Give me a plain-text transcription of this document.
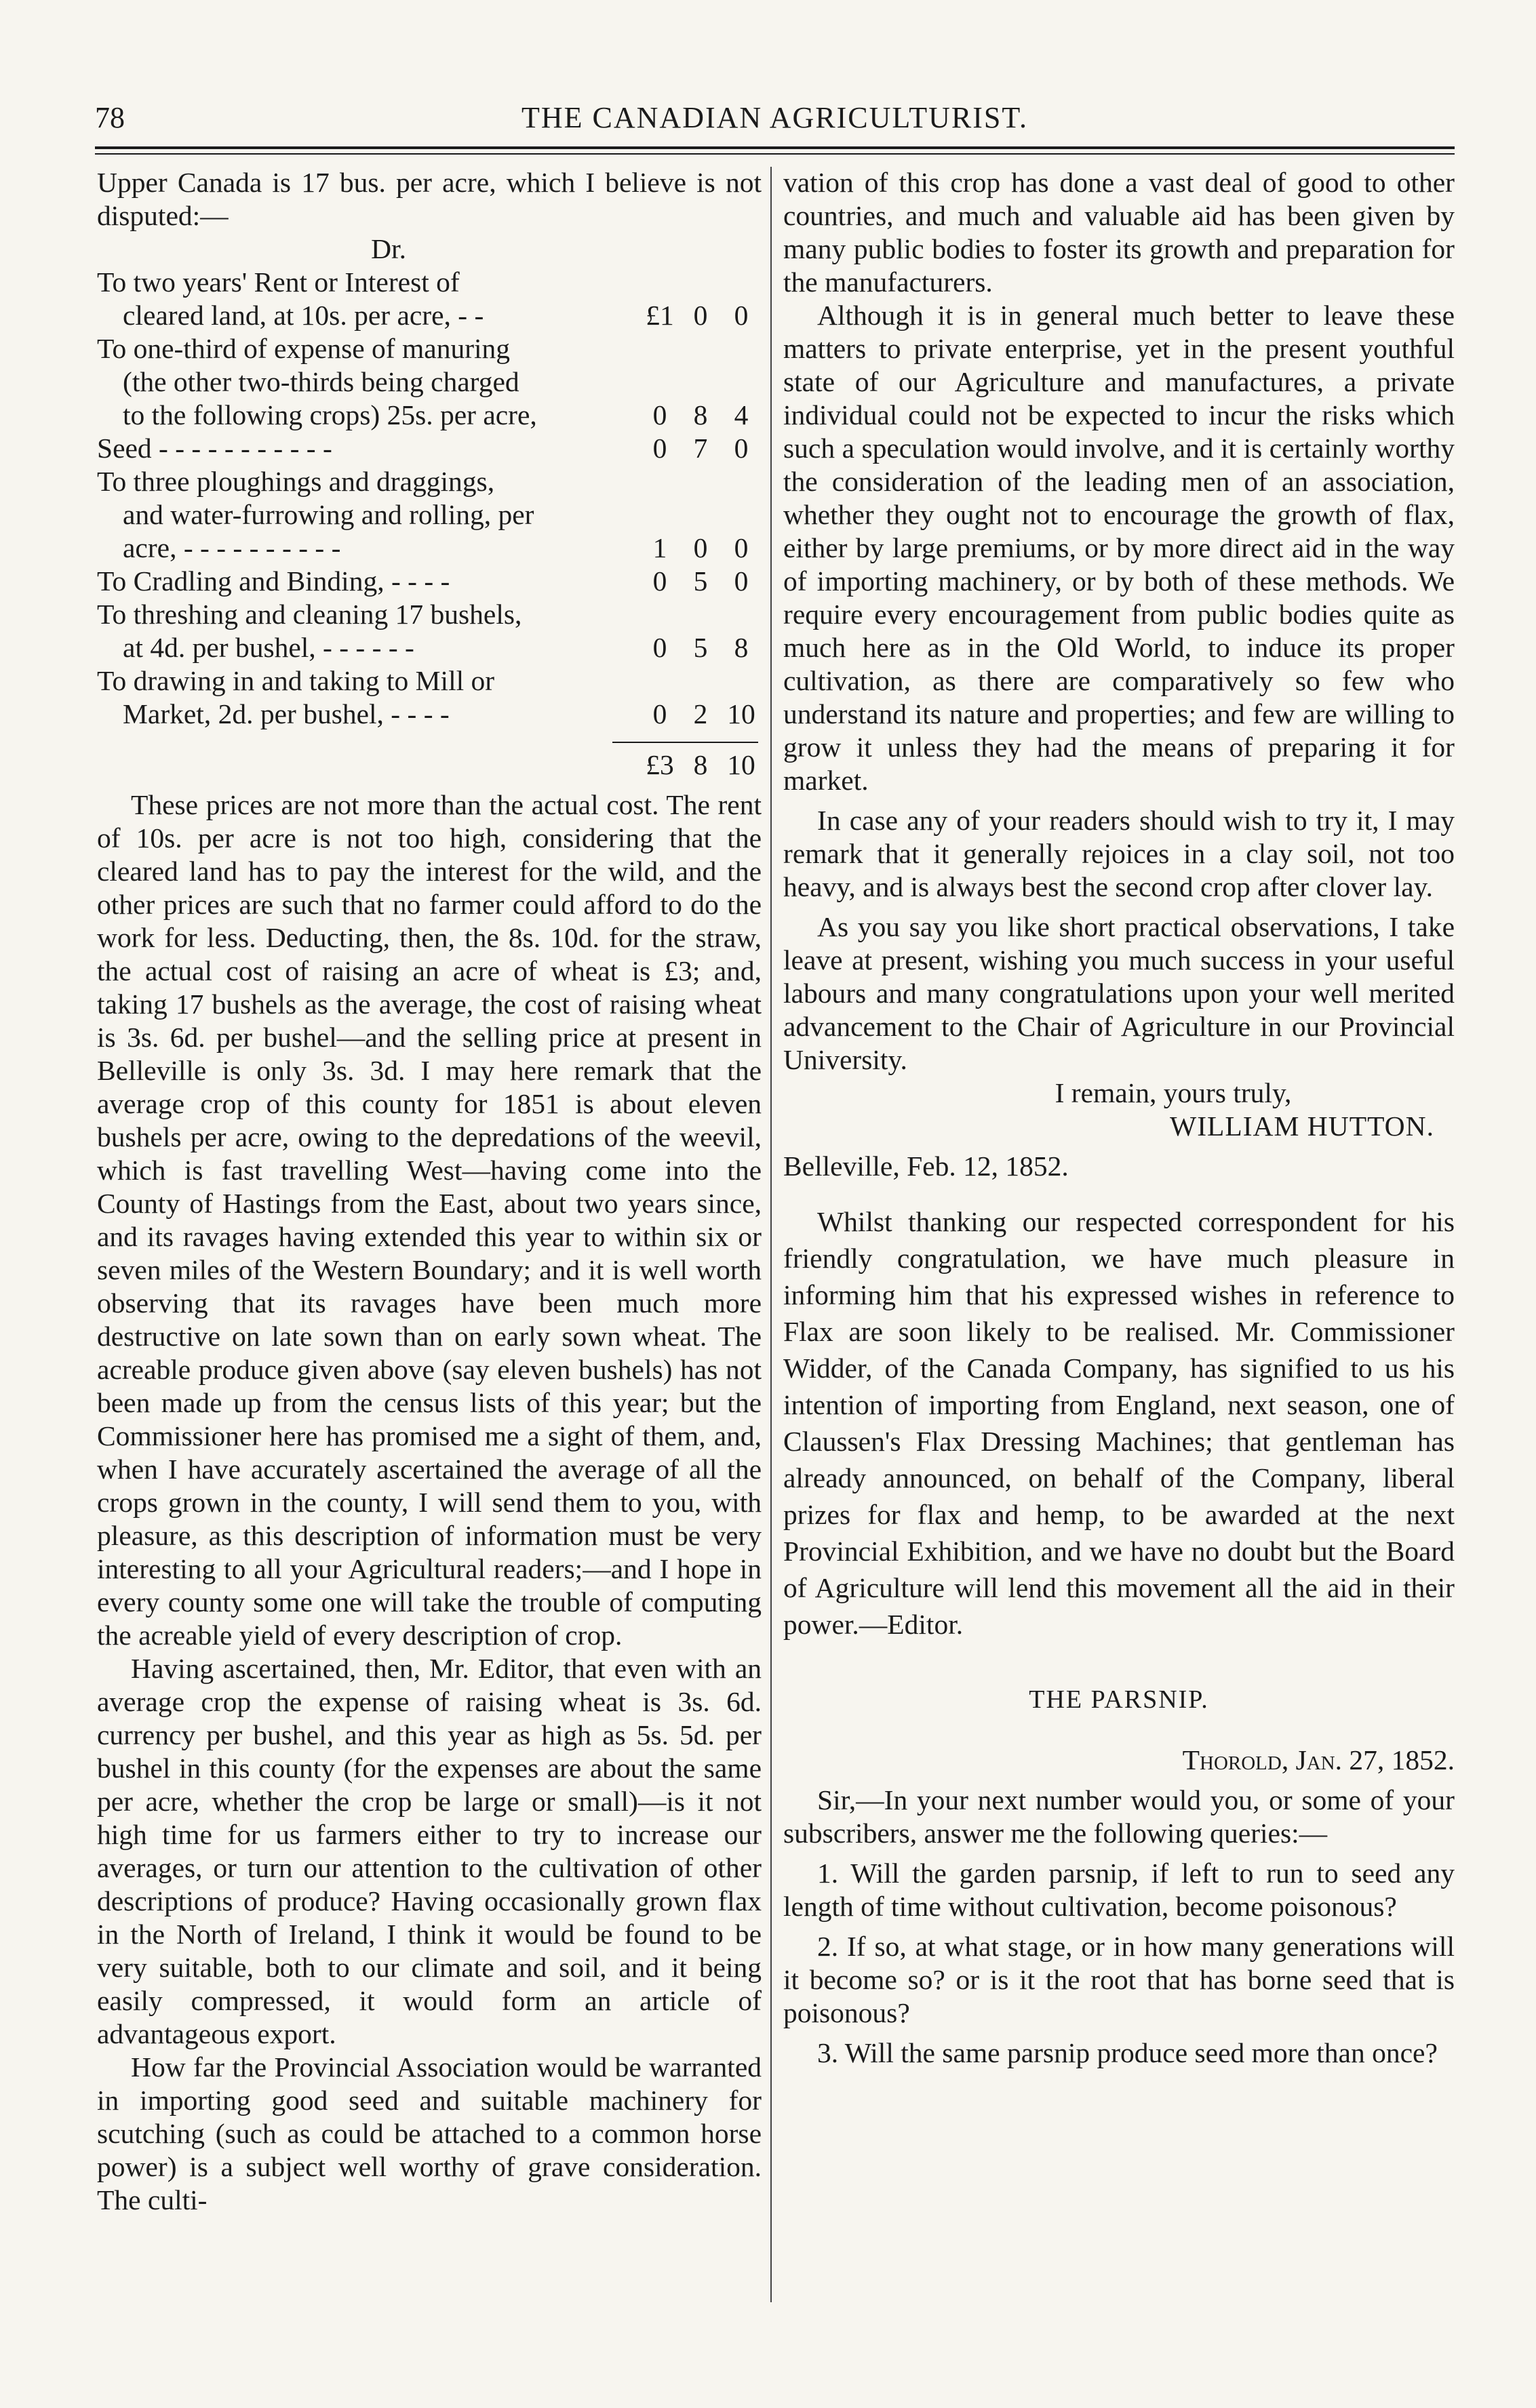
78	THE CANADIAN AGRICULTURIST.

Upper Canada is 17 bus. per acre, which I believe is not disputed:—

Dr.
To two years' Rent or Interest of
cleared land, at 10s. per acre, - -	£1 0 0
To one-third of expense of manuring
(the other two-thirds being charged
to the following crops) 25s. per acre,	0 8 4
Seed - - - - - - - - - - -	0 7 0
To three ploughings and draggings,
and water-furrowing and rolling, per
acre, - - - - - - - - - -	1 0 0
To Cradling and Binding, - - - -	0 5 0
To threshing and cleaning 17 bushels,
at 4d. per bushel, - - - - - -	0 5 8
To drawing in and taking to Mill or
Market, 2d. per bushel, - - - -	0 2 10
£3 8 10

These prices are not more than the actual cost. The rent of 10s. per acre is not too high, considering that the cleared land has to pay the interest for the wild, and the other prices are such that no farmer could afford to do the work for less. Deducting, then, the 8s. 10d. for the straw, the actual cost of raising an acre of wheat is £3; and, taking 17 bushels as the average, the cost of raising wheat is 3s. 6d. per bushel—and the selling price at present in Belleville is only 3s. 3d. I may here remark that the average crop of this county for 1851 is about eleven bushels per acre, owing to the depredations of the weevil, which is fast travelling West—having come into the County of Hastings from the East, about two years since, and its ravages having extended this year to within six or seven miles of the Western Boundary; and it is well worth observing that its ravages have been much more destructive on late sown than on early sown wheat. The acreable produce given above (say eleven bushels) has not been made up from the census lists of this year; but the Commissioner here has promised me a sight of them, and, when I have accurately ascertained the average of all the crops grown in the county, I will send them to you, with pleasure, as this description of information must be very interesting to all your Agricultural readers;—and I hope in every county some one will take the trouble of computing the acreable yield of every description of crop.

Having ascertained, then, Mr. Editor, that even with an average crop the expense of raising wheat is 3s. 6d. currency per bushel, and this year as high as 5s. 5d. per bushel in this county (for the expenses are about the same per acre, whether the crop be large or small)—is it not high time for us farmers either to try to increase our averages, or turn our attention to the cultivation of other descriptions of produce? Having occasionally grown flax in the North of Ireland, I think it would be found to be very suitable, both to our climate and soil, and it being easily compressed, it would form an article of advantageous export.

How far the Provincial Association would be warranted in importing good seed and suitable machinery for scutching (such as could be attached to a common horse power) is a subject well worthy of grave consideration. The culti-

vation of this crop has done a vast deal of good to other countries, and much and valuable aid has been given by many public bodies to foster its growth and preparation for the manufacturers.

Although it is in general much better to leave these matters to private enterprise, yet in the present youthful state of our Agriculture and manufactures, a private individual could not be expected to incur the risks which such a speculation would involve, and it is certainly worthy the consideration of the leading men of an association, whether they ought not to encourage the growth of flax, either by large premiums, or by more direct aid in the way of importing machinery, or by both of these methods. We require every encouragement from public bodies quite as much here as in the Old World, to induce its proper cultivation, as there are comparatively so few who understand its nature and properties; and few are willing to grow it unless they had the means of preparing it for market.

In case any of your readers should wish to try it, I may remark that it generally rejoices in a clay soil, not too heavy, and is always best the second crop after clover lay.

As you say you like short practical observations, I take leave at present, wishing you much success in your useful labours and many congratulations upon your well merited advancement to the Chair of Agriculture in our Provincial University.

I remain, yours truly,
WILLIAM HUTTON.

Belleville, Feb. 12, 1852.

Whilst thanking our respected correspondent for his friendly congratulation, we have much pleasure in informing him that his expressed wishes in reference to Flax are soon likely to be realised. Mr. Commissioner Widder, of the Canada Company, has signified to us his intention of importing from England, next season, one of Claussen's Flax Dressing Machines; that gentleman has already announced, on behalf of the Company, liberal prizes for flax and hemp, to be awarded at the next Provincial Exhibition, and we have no doubt but the Board of Agriculture will lend this movement all the aid in their power.—Editor.

THE PARSNIP.
Thorold, Jan. 27, 1852.

Sir,—In your next number would you, or some of your subscribers, answer me the following queries:—

1. Will the garden parsnip, if left to run to seed any length of time without cultivation, become poisonous?

2. If so, at what stage, or in how many generations will it become so? or is it the root that has borne seed that is poisonous?

3. Will the same parsnip produce seed more than once?
